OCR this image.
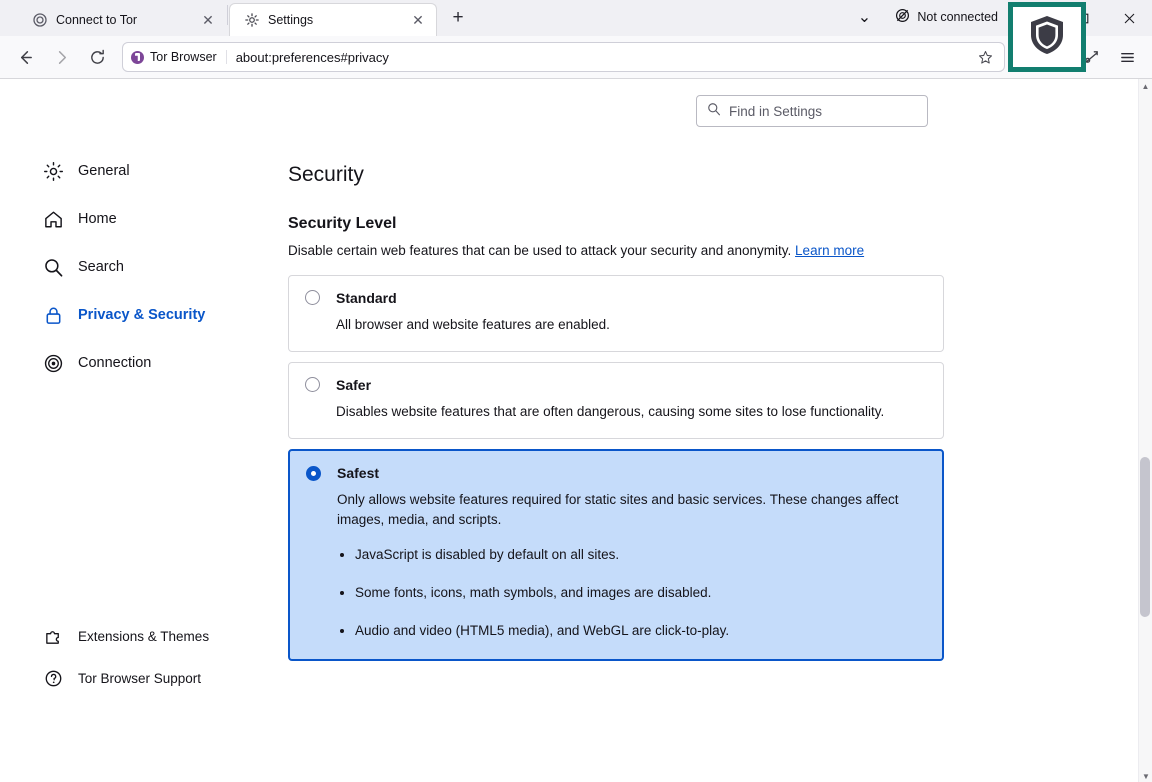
Connect to Tor	✕	Settings	✕	+	⌄	Not connected
Tor Browser about:preferences#privacy
▲
▼
Find in Settings
General
Home
Search
Privacy & Security
Connection
Extensions & Themes
Tor Browser Support
Security
Security Level

Disable certain web features that can be used to attack your security and anonymity. Learn more

Standard
All browser and website features are enabled.
Safer
Disables website features that are often dangerous, causing some sites to lose functionality.
Safest
Only allows website features required for static sites and basic services. These changes affect images, media, and scripts.
• JavaScript is disabled by default on all sites.
• Some fonts, icons, math symbols, and images are disabled.
• Audio and video (HTML5 media), and WebGL are click-to-play.
